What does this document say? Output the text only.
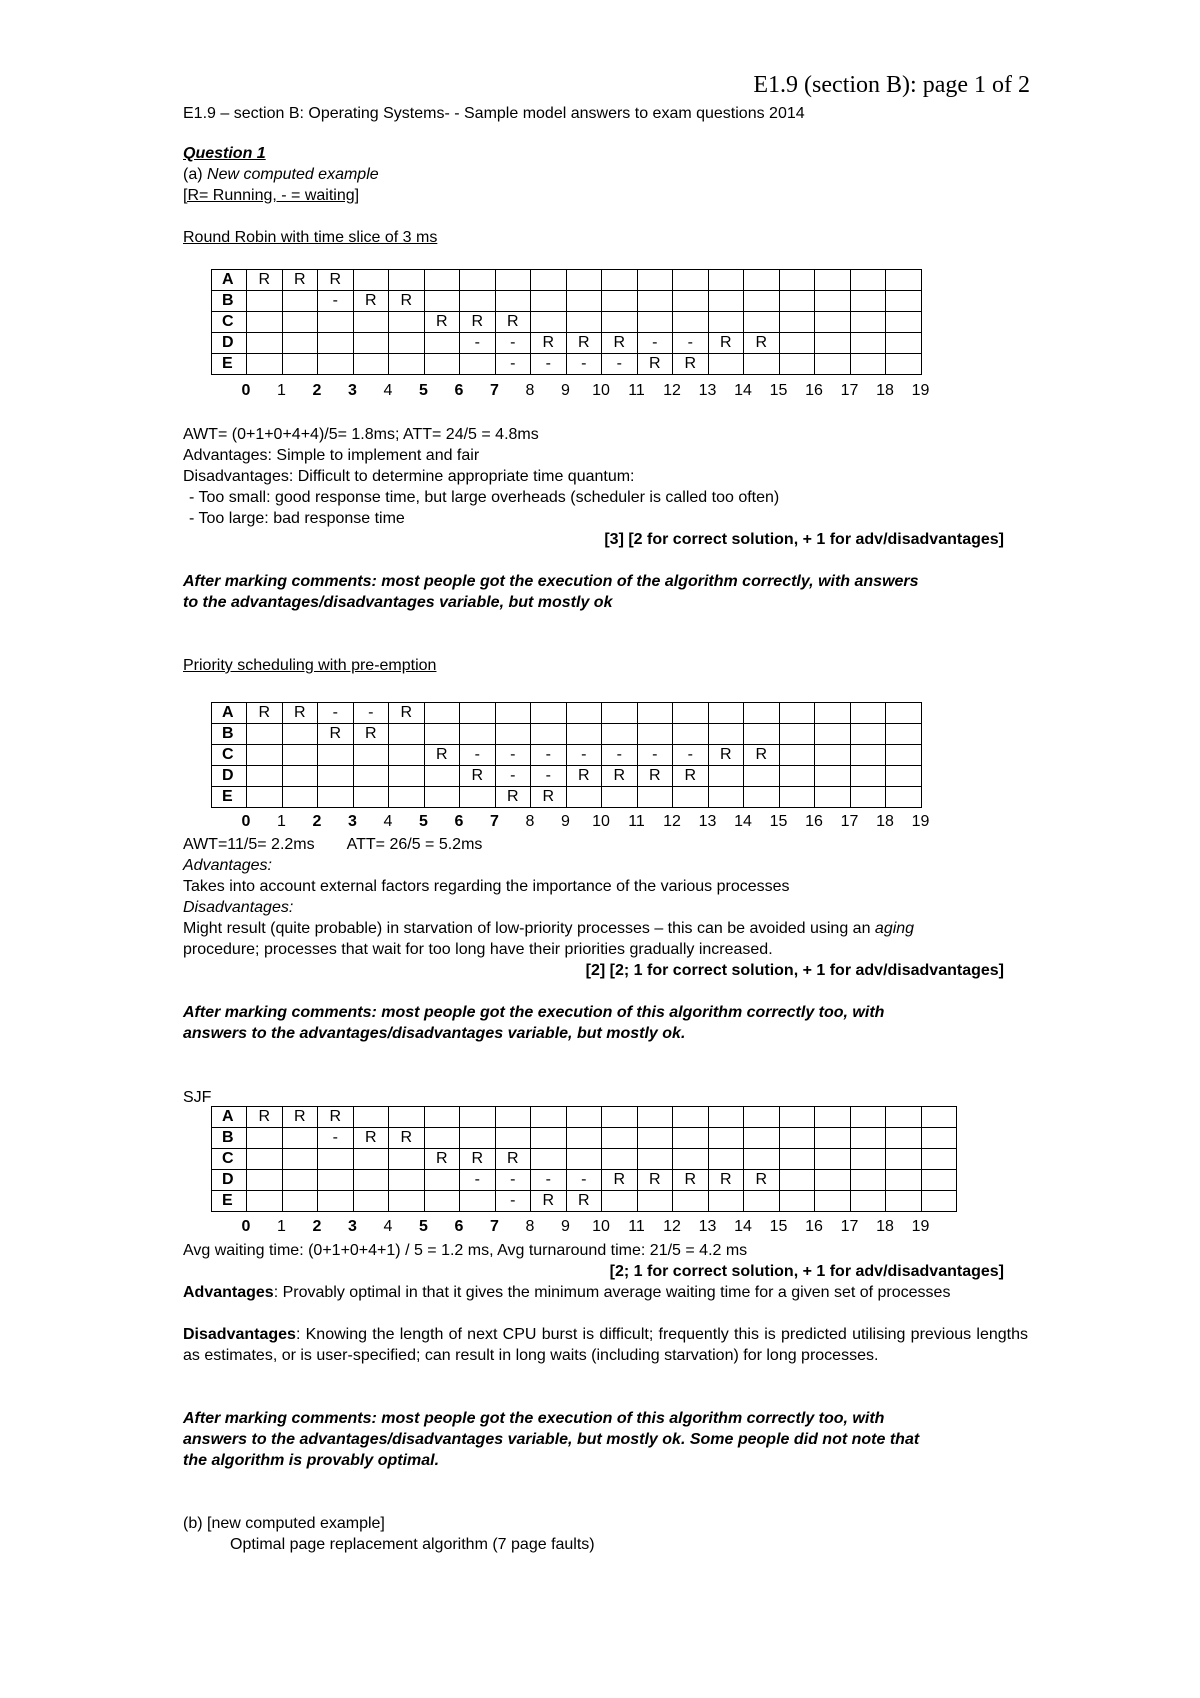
E1.9 (section B): page 1 of 2
E1.9 – section B: Operating Systems- - Sample model answers to exam questions 2014
Question 1
(a) New computed example
[R= Running, - = waiting]
Round Robin with time slice of 3 ms
A	R	R	R																
B			-	R	R														
C						R	R	R											
D							-	-	R	R	R	-	-	R	R				
E								-	-	-	-	R	R						
0	1	2	3	4	5	6	7	8	9	10	11	12	13	14	15	16	17	18	19
AWT= (0+1+0+4+4)/5= 1.8ms; ATT= 24/5 = 4.8ms
Advantages: Simple to implement and fair
Disadvantages: Difficult to determine appropriate time quantum:
- Too small: good response time, but large overheads (scheduler is called too often)
- Too large: bad response time
[3] [2 for correct solution, + 1 for adv/disadvantages]
After marking comments: most people got the execution of the algorithm correctly, with answers
to the advantages/disadvantages variable, but mostly ok
Priority scheduling with pre-emption
A	R	R	-	-	R														
B			R	R															
C						R	-	-	-	-	-	-	-	R	R				
D							R	-	-	R	R	R	R						
E								R	R										
0	1	2	3	4	5	6	7	8	9	10	11	12	13	14	15	16	17	18	19
AWT=11/5= 2.2ms ATT= 26/5 = 5.2ms
Advantages:
Takes into account external factors regarding the importance of the various processes
Disadvantages:
Might result (quite probable) in starvation of low-priority processes – this can be avoided using an aging
procedure; processes that wait for too long have their priorities gradually increased.
[2] [2; 1 for correct solution, + 1 for adv/disadvantages]
After marking comments: most people got the execution of this algorithm correctly too, with
answers to the advantages/disadvantages variable, but mostly ok.
SJF
A	R	R	R																	
B			-	R	R															
C						R	R	R												
D							-	-	-	-	R	R	R	R	R					
E								-	R	R										
0	1	2	3	4	5	6	7	8	9	10	11	12	13	14	15	16	17	18	19
Avg waiting time: (0+1+0+4+1) / 5 = 1.2 ms, Avg turnaround time: 21/5 = 4.2 ms
[2; 1 for correct solution, + 1 for adv/disadvantages]
Advantages: Provably optimal in that it gives the minimum average waiting time for a given set of processes
Disadvantages: Knowing the length of next CPU burst is difficult; frequently this is predicted utilising previous lengths as estimates, or is user-specified; can result in long waits (including starvation) for long processes.
After marking comments: most people got the execution of this algorithm correctly too, with
answers to the advantages/disadvantages variable, but mostly ok. Some people did not note that
the algorithm is provably optimal.
(b) [new computed example]
Optimal page replacement algorithm (7 page faults)
